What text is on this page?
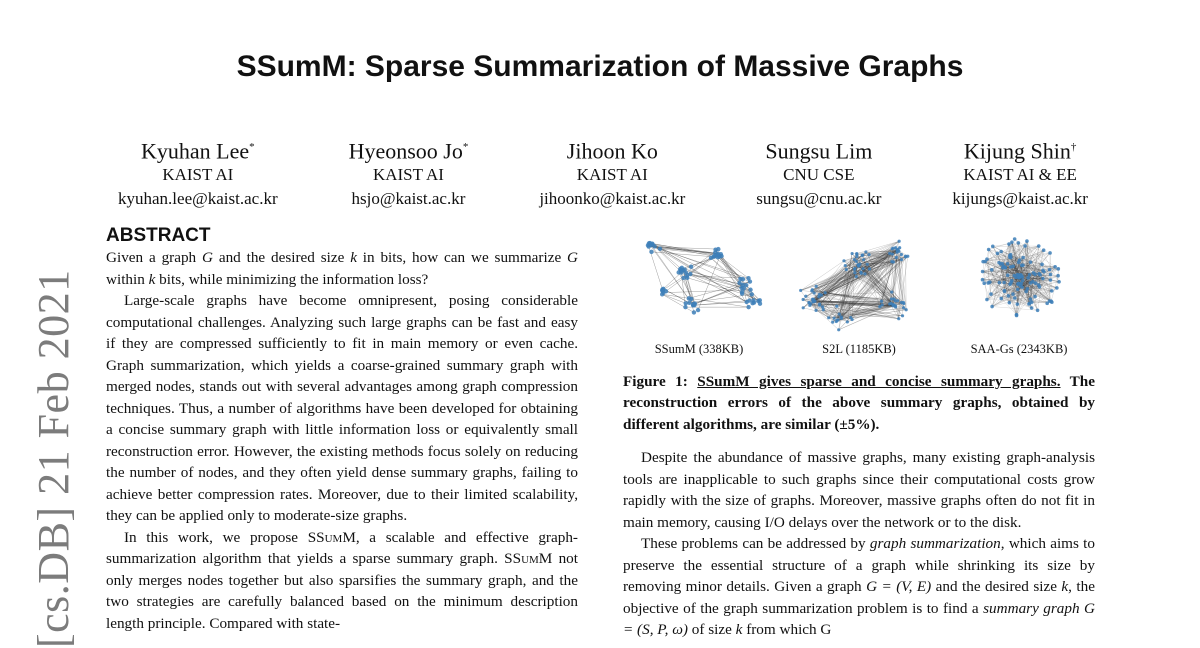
[cs.DB] 21 Feb 2021
SSumM: Sparse Summarization of Massive Graphs
Kyuhan Lee*
KAIST AI
kyuhan.lee@kaist.ac.kr
Hyeonsoo Jo*
KAIST AI
hsjo@kaist.ac.kr
Jihoon Ko
KAIST AI
jihoonko@kaist.ac.kr
Sungsu Lim
CNU CSE
sungsu@cnu.ac.kr
Kijung Shin†
KAIST AI & EE
kijungs@kaist.ac.kr
ABSTRACT

Given a graph G and the desired size k in bits, how can we summarize G within k bits, while minimizing the information loss?

Large-scale graphs have become omnipresent, posing considerable computational challenges. Analyzing such large graphs can be fast and easy if they are compressed sufficiently to fit in main memory or even cache. Graph summarization, which yields a coarse-grained summary graph with merged nodes, stands out with several advantages among graph compression techniques. Thus, a number of algorithms have been developed for obtaining a concise summary graph with little information loss or equivalently small reconstruction error. However, the existing methods focus solely on reducing the number of nodes, and they often yield dense summary graphs, failing to achieve better compression rates. Moreover, due to their limited scalability, they can be applied only to moderate-size graphs.

In this work, we propose SSumM, a scalable and effective graph-summarization algorithm that yields a sparse summary graph. SSumM not only merges nodes together but also sparsifies the summary graph, and the two strategies are carefully balanced based on the minimum description length principle. Compared with state-

SSumM (338KB)	S2L (1185KB)	SAA-Gs (2343KB)
Figure 1: SSumM gives sparse and concise summary graphs. The reconstruction errors of the above summary graphs, obtained by different algorithms, are similar (±5%).

Despite the abundance of massive graphs, many existing graph-analysis tools are inapplicable to such graphs since their computational costs grow rapidly with the size of graphs. Moreover, massive graphs often do not fit in main memory, causing I/O delays over the network or to the disk.

These problems can be addressed by graph summarization, which aims to preserve the essential structure of a graph while shrinking its size by removing minor details. Given a graph G = (V, E) and the desired size k, the objective of the graph summarization problem is to find a summary graph G = (S, P, ω) of size k from which G
